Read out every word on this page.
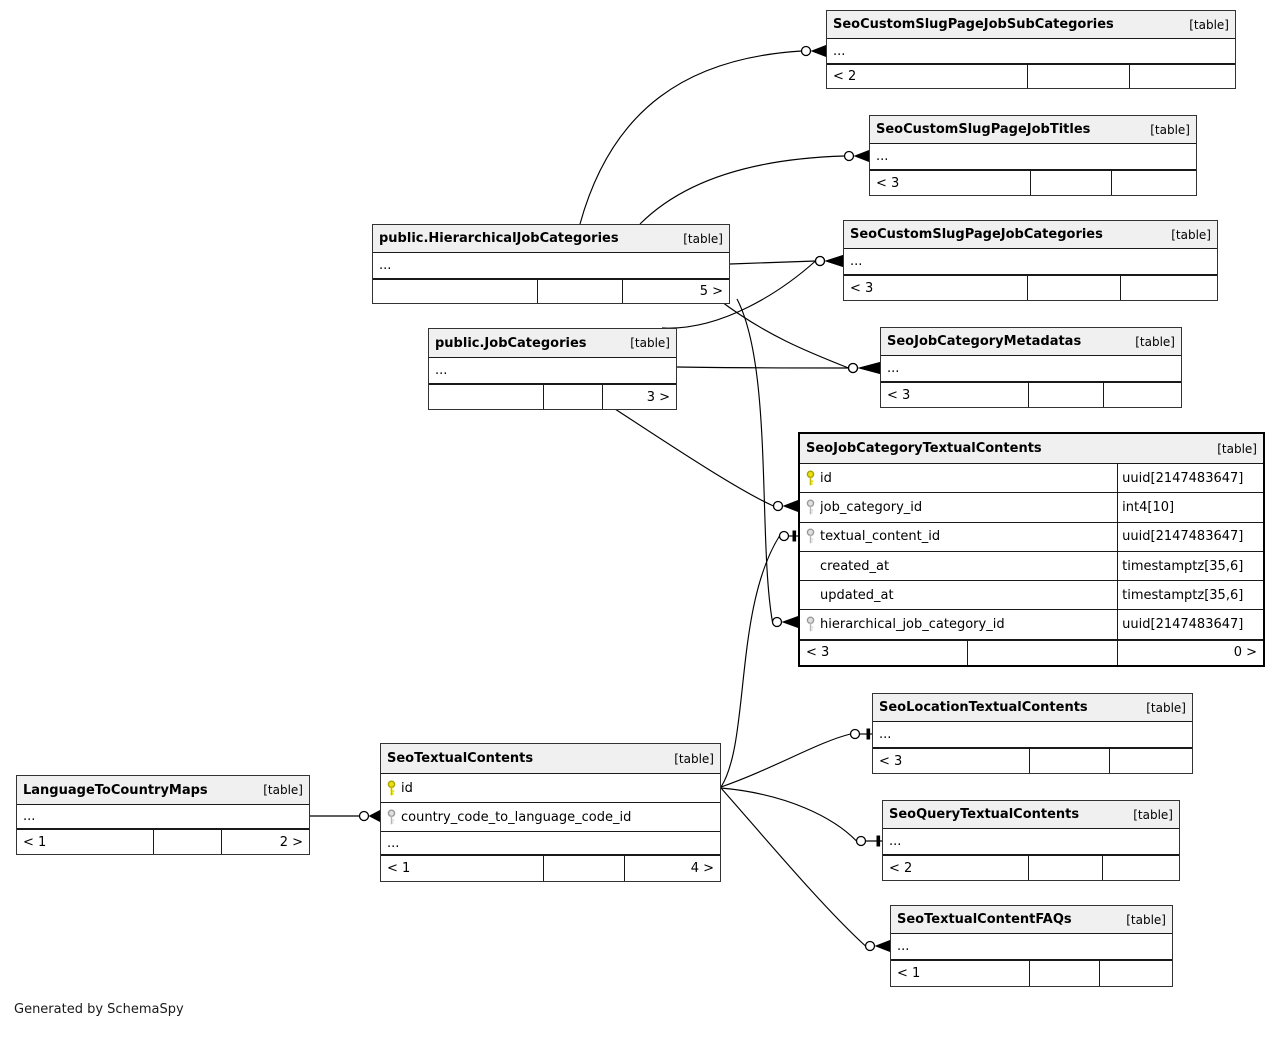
SeoCustomSlugPageJobSubCategories	[table]
...
< 2
SeoCustomSlugPageJobTitles	[table]
...
< 3
public.HierarchicalJobCategories	[table]
...
5 >
SeoCustomSlugPageJobCategories	[table]
...
< 3
public.JobCategories	[table]
...
3 >
SeoJobCategoryMetadatas	[table]
...
< 3
SeoJobCategoryTextualContents	[table]
id	uuid[2147483647]
job_category_id	int4[10]
textual_content_id	uuid[2147483647]
created_at	timestamptz[35,6]
updated_at	timestamptz[35,6]
hierarchical_job_category_id	uuid[2147483647]
< 3	0 >
SeoLocationTextualContents	[table]
...
< 3
SeoTextualContents	[table]
id
country_code_to_language_code_id
...
< 1	4 >
LanguageToCountryMaps	[table]
...
< 1	2 >
SeoQueryTextualContents	[table]
...
< 2
SeoTextualContentFAQs	[table]
...
< 1
Generated by SchemaSpy
